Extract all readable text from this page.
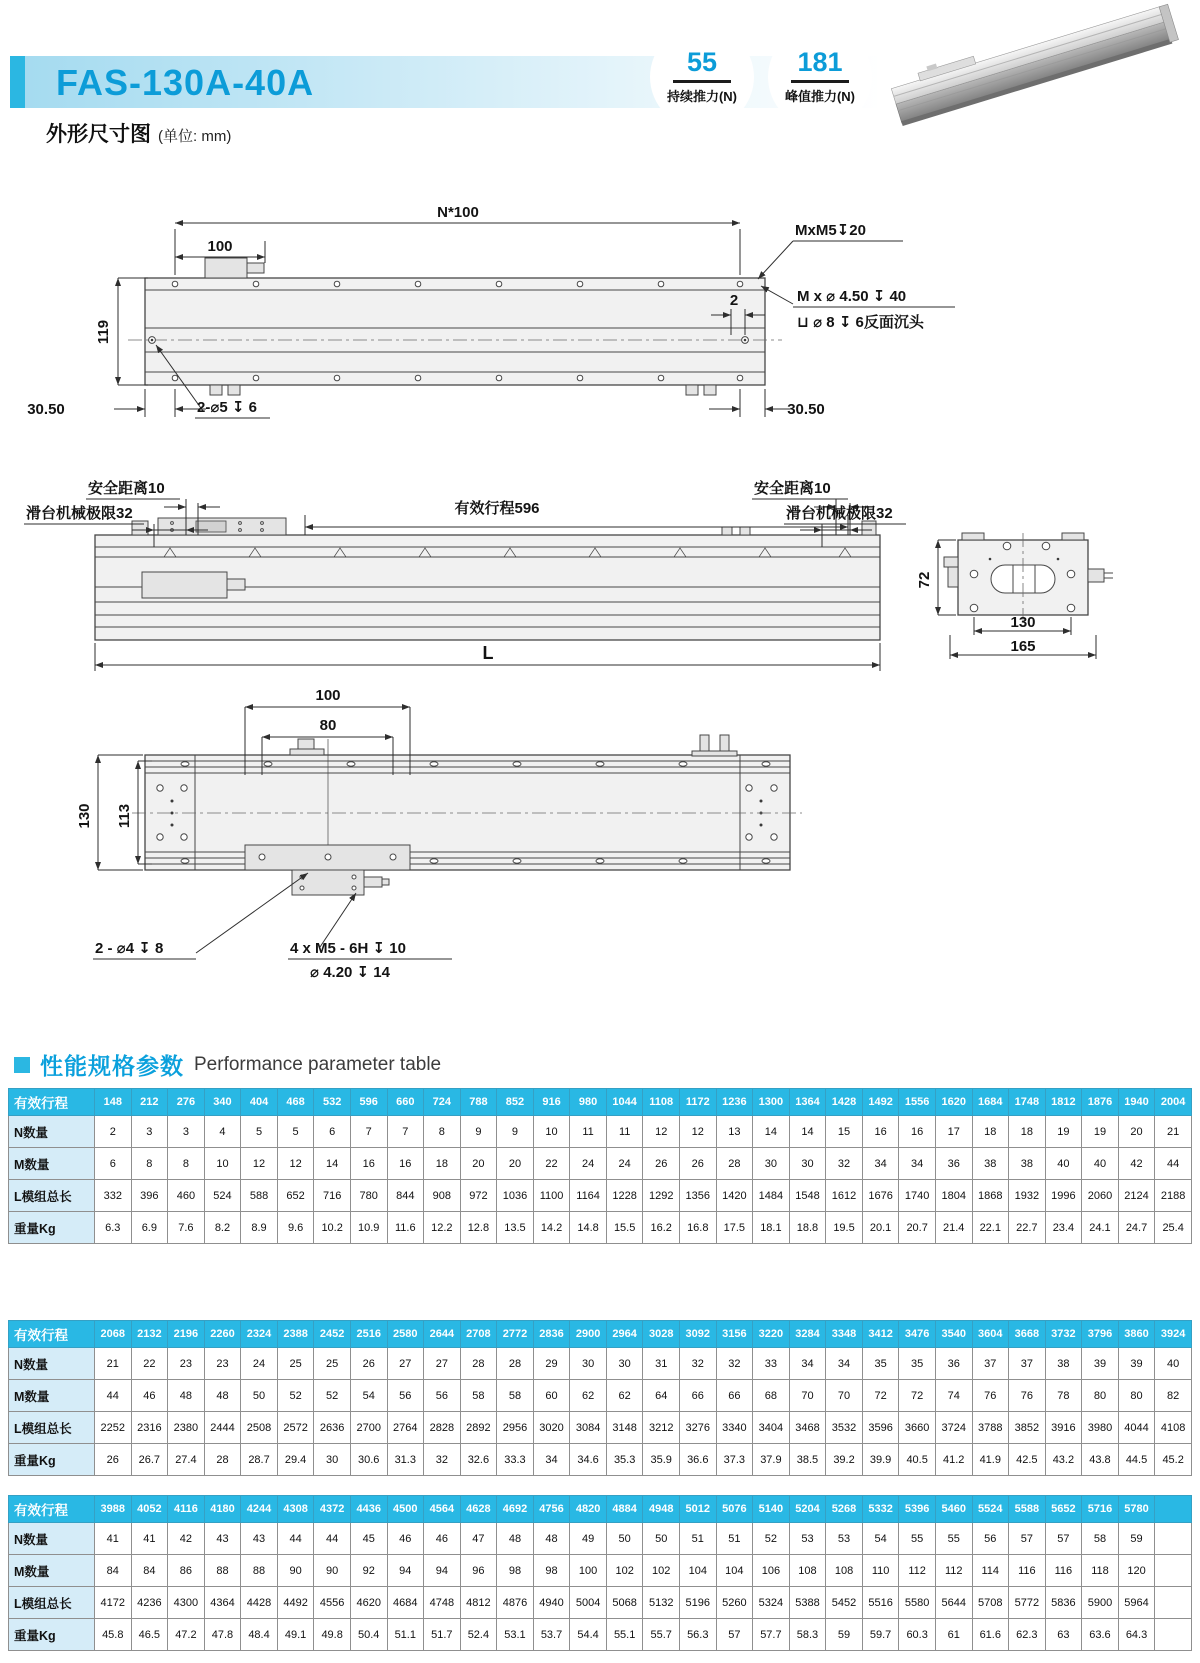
FAS-130A-40A	55
持续推力(N)
181
峰值推力(N)
外形尺寸图 (单位: mm)
N*100
100
119
30.50	30.50
2
MxM5↧20
M x ⌀ 4.50 ↧ 40
⊔ ⌀ 8 ↧ 6反面沉头
2-⌀5 ↧ 6
安全距离10
滑台机械极限32
安全距离10
滑台机械极限32
有效行程596
L
72
130
165
100
80
130 113
2 - ⌀4 ↧ 8	4 x M5 - 6H ↧ 10
⌀ 4.20 ↧ 14
性能规格参数 Performance parameter table
有效行程	148	212	276	340	404	468	532	596	660	724	788	852	916	980	1044	1108	1172	1236	1300	1364	1428	1492	1556	1620	1684	1748	1812	1876	1940	2004
N数量	2	3	3	4	5	5	6	7	7	8	9	9	10	11	11	12	12	13	14	14	15	16	16	17	18	18	19	19	20	21
M数量	6	8	8	10	12	12	14	16	16	18	20	20	22	24	24	26	26	28	30	30	32	34	34	36	38	38	40	40	42	44
L模组总长	332	396	460	524	588	652	716	780	844	908	972	1036	1100	1164	1228	1292	1356	1420	1484	1548	1612	1676	1740	1804	1868	1932	1996	2060	2124	2188
重量Kg	6.3	6.9	7.6	8.2	8.9	9.6	10.2	10.9	11.6	12.2	12.8	13.5	14.2	14.8	15.5	16.2	16.8	17.5	18.1	18.8	19.5	20.1	20.7	21.4	22.1	22.7	23.4	24.1	24.7	25.4
有效行程	2068	2132	2196	2260	2324	2388	2452	2516	2580	2644	2708	2772	2836	2900	2964	3028	3092	3156	3220	3284	3348	3412	3476	3540	3604	3668	3732	3796	3860	3924
N数量	21	22	23	23	24	25	25	26	27	27	28	28	29	30	30	31	32	32	33	34	34	35	35	36	37	37	38	39	39	40
M数量	44	46	48	48	50	52	52	54	56	56	58	58	60	62	62	64	66	66	68	70	70	72	72	74	76	76	78	80	80	82
L模组总长	2252	2316	2380	2444	2508	2572	2636	2700	2764	2828	2892	2956	3020	3084	3148	3212	3276	3340	3404	3468	3532	3596	3660	3724	3788	3852	3916	3980	4044	4108
重量Kg	26	26.7	27.4	28	28.7	29.4	30	30.6	31.3	32	32.6	33.3	34	34.6	35.3	35.9	36.6	37.3	37.9	38.5	39.2	39.9	40.5	41.2	41.9	42.5	43.2	43.8	44.5	45.2
有效行程	3988	4052	4116	4180	4244	4308	4372	4436	4500	4564	4628	4692	4756	4820	4884	4948	5012	5076	5140	5204	5268	5332	5396	5460	5524	5588	5652	5716	5780	
N数量	41	41	42	43	43	44	44	45	46	46	47	48	48	49	50	50	51	51	52	53	53	54	55	55	56	57	57	58	59	
M数量	84	84	86	88	88	90	90	92	94	94	96	98	98	100	102	102	104	104	106	108	108	110	112	112	114	116	116	118	120	
L模组总长	4172	4236	4300	4364	4428	4492	4556	4620	4684	4748	4812	4876	4940	5004	5068	5132	5196	5260	5324	5388	5452	5516	5580	5644	5708	5772	5836	5900	5964	
重量Kg	45.8	46.5	47.2	47.8	48.4	49.1	49.8	50.4	51.1	51.7	52.4	53.1	53.7	54.4	55.1	55.7	56.3	57	57.7	58.3	59	59.7	60.3	61	61.6	62.3	63	63.6	64.3	
